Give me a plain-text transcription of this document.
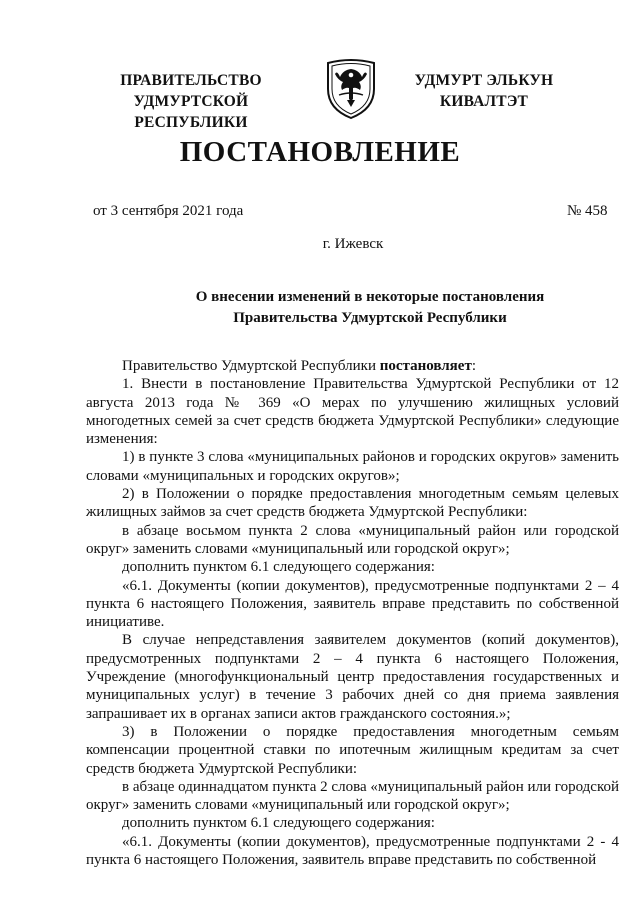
ПРАВИТЕЛЬСТВО
УДМУРТСКОЙ РЕСПУБЛИКИ
УДМУРТ ЭЛЬКУН
КИВАЛТЭТ
ПОСТАНОВЛЕНИЕ
от 3 сентября 2021 года	№ 458
г. Ижевск
О внесении изменений в некоторые постановления
Правительства Удмуртской Республики

Правительство Удмуртской Республики постановляет:

1. Внести в постановление Правительства Удмуртской Республики от 12 августа 2013 года № 369 «О мерах по улучшению жилищных условий многодетных семей за счет средств бюджета Удмуртской Республики» следующие изменения:

1) в пункте 3 слова «муниципальных районов и городских округов» заменить словами «муниципальных и городских округов»;

2) в Положении о порядке предоставления многодетным семьям целевых жилищных займов за счет средств бюджета Удмуртской Республики:

в абзаце восьмом пункта 2 слова «муниципальный район или городской округ» заменить словами «муниципальный или городской округ»;

дополнить пунктом 6.1 следующего содержания:

«6.1. Документы (копии документов), предусмотренные подпунктами 2 – 4 пункта 6 настоящего Положения, заявитель вправе представить по собственной инициативе.

В случае непредставления заявителем документов (копий документов), предусмотренных подпунктами 2 – 4 пункта 6 настоящего Положения, Учреждение (многофункциональный центр предоставления государственных и муниципальных услуг) в течение 3 рабочих дней со дня приема заявления запрашивает их в органах записи актов гражданского состояния.»;

3) в Положении о порядке предоставления многодетным семьям компенсации процентной ставки по ипотечным жилищным кредитам за счет средств бюджета Удмуртской Республики:

в абзаце одиннадцатом пункта 2 слова «муниципальный район или городской округ» заменить словами «муниципальный или городской округ»;

дополнить пунктом 6.1 следующего содержания:

«6.1. Документы (копии документов), предусмотренные подпунктами 2 - 4 пункта 6 настоящего Положения, заявитель вправе представить по собственной
